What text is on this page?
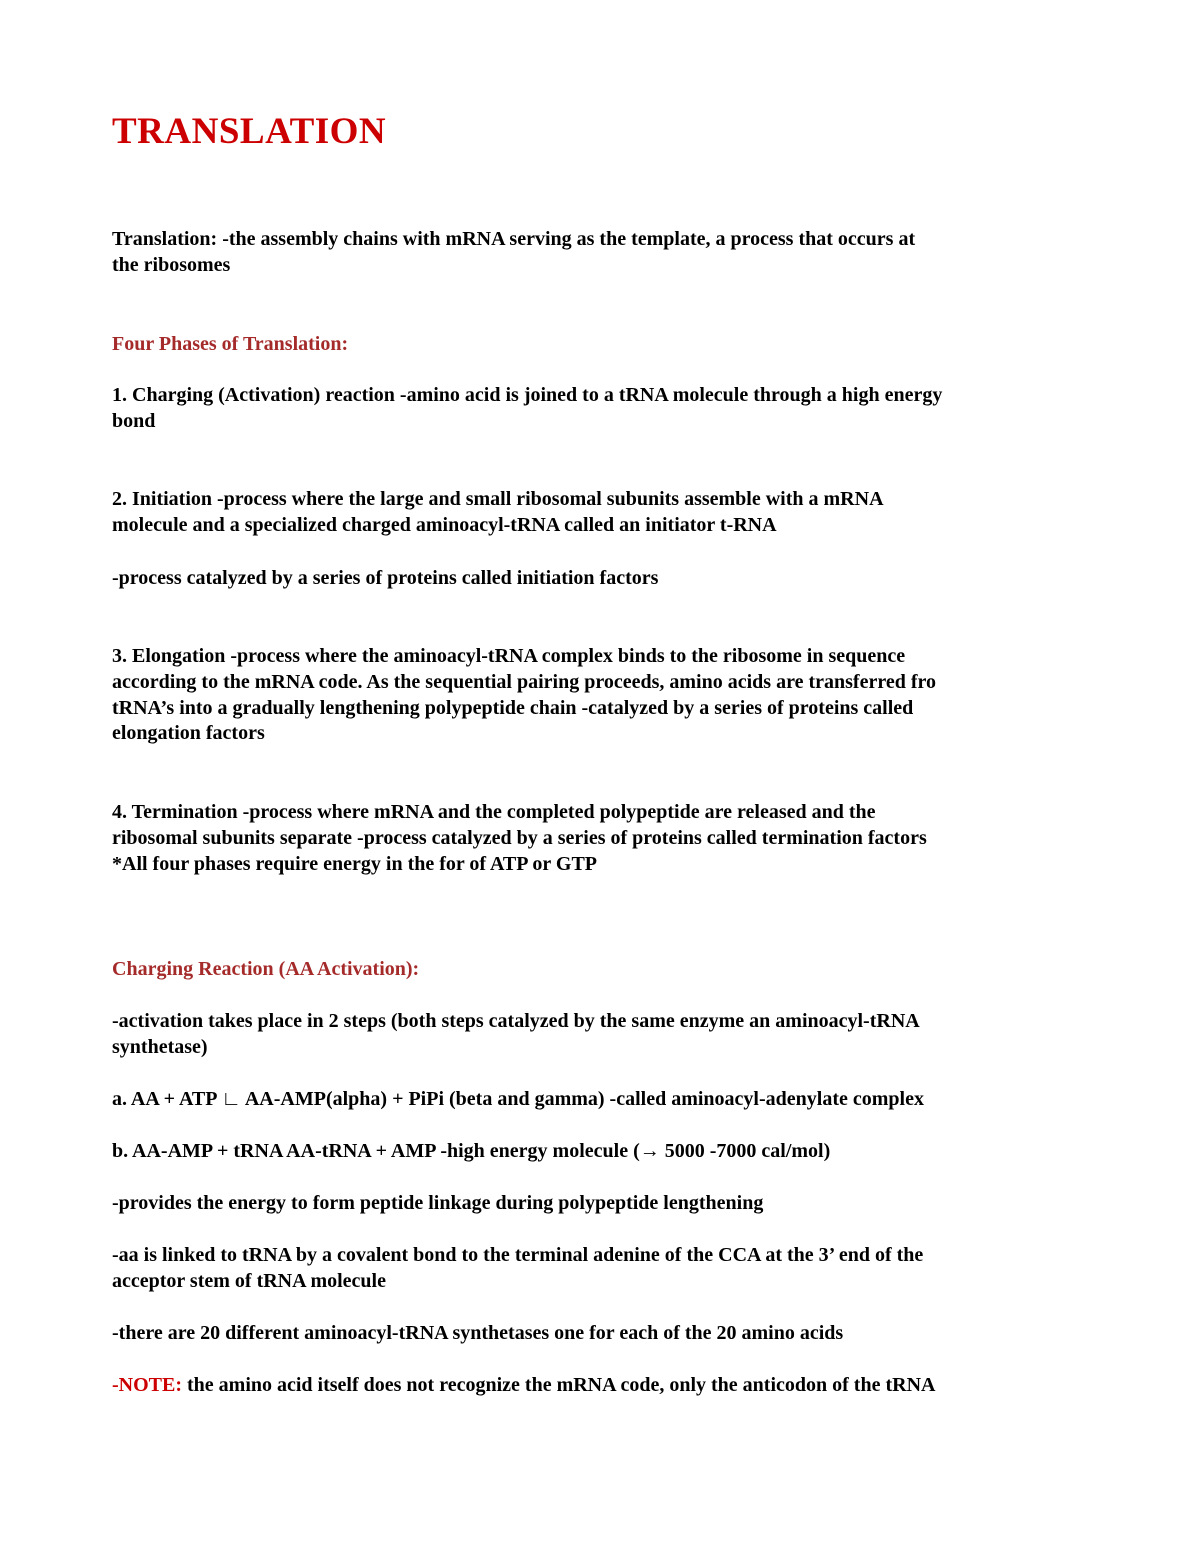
TRANSLATION
Translation: -the assembly chains with mRNA serving as the template, a process that occurs at
the ribosomes
Four Phases of Translation:
1. Charging (Activation) reaction -amino acid is joined to a tRNA molecule through a high energy
bond
2. Initiation -process where the large and small ribosomal subunits assemble with a mRNA
molecule and a specialized charged aminoacyl-tRNA called an initiator t-RNA
-process catalyzed by a series of proteins called initiation factors
3. Elongation -process where the aminoacyl-tRNA complex binds to the ribosome in sequence
according to the mRNA code. As the sequential pairing proceeds, amino acids are transferred fro
tRNA’s into a gradually lengthening polypeptide chain -catalyzed by a series of proteins called
elongation factors
4. Termination -process where mRNA and the completed polypeptide are released and the
ribosomal subunits separate -process catalyzed by a series of proteins called termination factors
*All four phases require energy in the for of ATP or GTP
Charging Reaction (AA Activation):
-activation takes place in 2 steps (both steps catalyzed by the same enzyme an aminoacyl-tRNA
synthetase)
a. AA + ATP ∟ AA-AMP(alpha) + PiPi (beta and gamma) -called aminoacyl-adenylate complex
b. AA-AMP + tRNA AA-tRNA + AMP -high energy molecule (→ 5000 -7000 cal/mol)
-provides the energy to form peptide linkage during polypeptide lengthening
-aa is linked to tRNA by a covalent bond to the terminal adenine of the CCA at the 3’ end of the
acceptor stem of tRNA molecule
-there are 20 different aminoacyl-tRNA synthetases one for each of the 20 amino acids
-NOTE: the amino acid itself does not recognize the mRNA code, only the anticodon of the tRNA
